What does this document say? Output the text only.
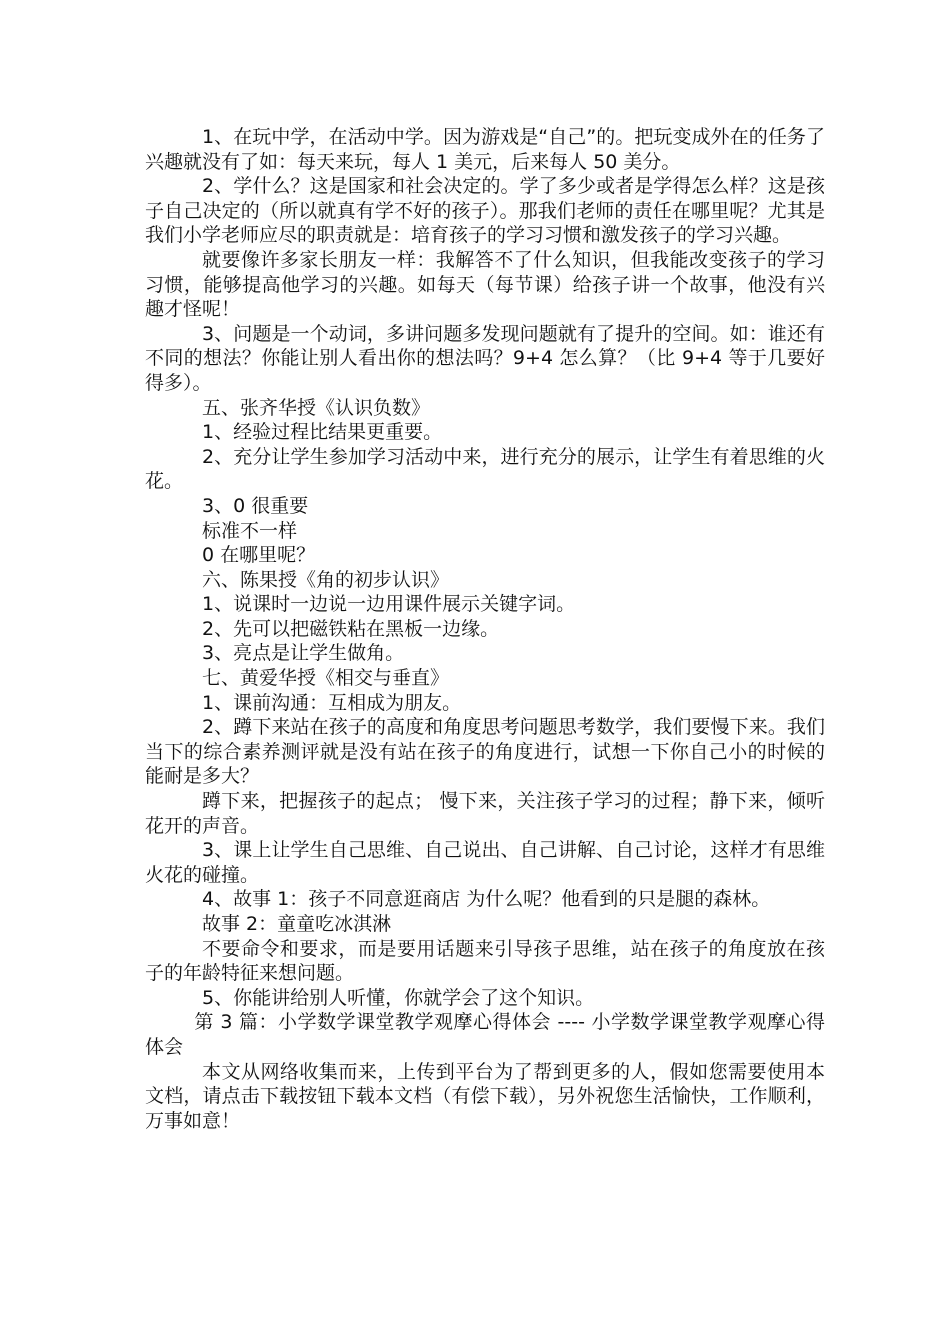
1、在玩中学，在活动中学。因为游戏是“自己”的。把玩变成外在的任务了兴趣就没有了如：每天来玩，每人 1 美元，后来每人 50 美分。

2、学什么？这是国家和社会决定的。学了多少或者是学得怎么样？这是孩子自己决定的（所以就真有学不好的孩子）。那我们老师的责任在哪里呢？尤其是我们小学老师应尽的职责就是：培育孩子的学习习惯和激发孩子的学习兴趣。

就要像许多家长朋友一样：我解答不了什么知识，但我能改变孩子的学习习惯，能够提高他学习的兴趣。如每天（每节课）给孩子讲一个故事，他没有兴趣才怪呢！

3、问题是一个动词，多讲问题多发现问题就有了提升的空间。如：谁还有不同的想法？你能让别人看出你的想法吗？9+4 怎么算？（比 9+4 等于几要好得多）。

五、张齐华授《认识负数》

1、经验过程比结果更重要。

2、充分让学生参加学习活动中来，进行充分的展示，让学生有着思维的火花。

3、0 很重要

标准不一样

0 在哪里呢？

六、陈果授《角的初步认识》

1、说课时一边说一边用课件展示关键字词。

2、先可以把磁铁粘在黑板一边缘。

3、亮点是让学生做角。

七、黄爱华授《相交与垂直》

1、课前沟通：互相成为朋友。

2、蹲下来站在孩子的高度和角度思考问题思考数学，我们要慢下来。我们当下的综合素养测评就是没有站在孩子的角度进行，试想一下你自己小的时候的能耐是多大？

蹲下来，把握孩子的起点； 慢下来，关注孩子学习的过程；静下来，倾听花开的声音。

3、课上让学生自己思维、自己说出、自己讲解、自己讨论，这样才有思维火花的碰撞。

4、故事 1：孩子不同意逛商店 为什么呢？他看到的只是腿的森林。

故事 2：童童吃冰淇淋

不要命令和要求，而是要用话题来引导孩子思维，站在孩子的角度放在孩子的年龄特征来想问题。

5、你能讲给别人听懂，你就学会了这个知识。

第 3 篇：小学数学课堂教学观摩心得体会 ---- 小学数学课堂教学观摩心得体会

本文从网络收集而来，上传到平台为了帮到更多的人，假如您需要使用本文档，请点击下载按钮下载本文档（有偿下载），另外祝您生活愉快，工作顺利，万事如意！
